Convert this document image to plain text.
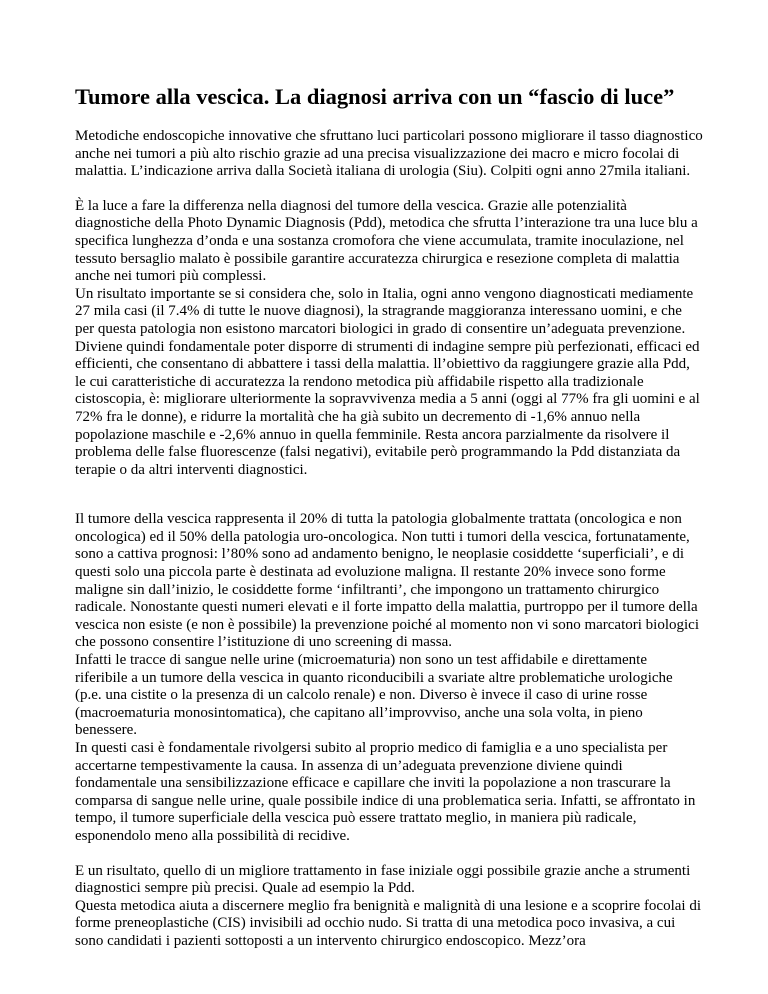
Tumore alla vescica. La diagnosi arriva con un “fascio di luce”

Metodiche endoscopiche innovative che sfruttano luci particolari possono migliorare il tasso diagnostico anche nei tumori a più alto rischio grazie ad una precisa visualizzazione dei macro e micro focolai di malattia. L’indicazione arriva dalla Società italiana di urologia (Siu). Colpiti ogni anno 27mila italiani.

È la luce a fare la differenza nella diagnosi del tumore della vescica. Grazie alle potenzialità diagnostiche della Photo Dynamic Diagnosis (Pdd), metodica che sfrutta l’interazione tra una luce blu a specifica lunghezza d’onda e una sostanza cromofora che viene accumulata, tramite inoculazione, nel tessuto bersaglio malato è possibile garantire accuratezza chirurgica e resezione completa di malattia anche nei tumori più complessi.

Un risultato importante se si considera che, solo in Italia, ogni anno vengono diagnosticati mediamente 27 mila casi (il 7.4% di tutte le nuove diagnosi), la stragrande maggioranza interessano uomini, e che per questa patologia non esistono marcatori biologici in grado di consentire un’adeguata prevenzione. Diviene quindi fondamentale poter disporre di strumenti di indagine sempre più perfezionati, efficaci ed efficienti, che consentano di abbattere i tassi della malattia. ll’obiettivo da raggiungere grazie alla Pdd, le cui caratteristiche di accuratezza la rendono metodica più affidabile rispetto alla tradizionale cistoscopia, è: migliorare ulteriormente la sopravvivenza media a 5 anni (oggi al 77% fra gli uomini e al 72% fra le donne), e ridurre la mortalità che ha già subito un decremento di -1,6% annuo nella popolazione maschile e -2,6% annuo in quella femminile. Resta ancora parzialmente da risolvere il problema delle false fluorescenze (falsi negativi), evitabile però programmando la Pdd distanziata da terapie o da altri interventi diagnostici.

Il tumore della vescica rappresenta il 20% di tutta la patologia globalmente trattata (oncologica e non oncologica) ed il 50% della patologia uro-oncologica. Non tutti i tumori della vescica, fortunatamente, sono a cattiva prognosi: l’80% sono ad andamento benigno, le neoplasie cosiddette ‘superficiali’, e di questi solo una piccola parte è destinata ad evoluzione maligna. Il restante 20% invece sono forme maligne sin dall’inizio, le cosiddette forme ‘infiltranti’, che impongono un trattamento chirurgico radicale. Nonostante questi numeri elevati e il forte impatto della malattia, purtroppo per il tumore della vescica non esiste (e non è possibile) la prevenzione poiché al momento non vi sono marcatori biologici che possono consentire l’istituzione di uno screening di massa.

Infatti le tracce di sangue nelle urine (microematuria) non sono un test affidabile e direttamente riferibile a un tumore della vescica in quanto riconducibili a svariate altre problematiche urologiche (p.e. una cistite o la presenza di un calcolo renale) e non. Diverso è invece il caso di urine rosse (macroematuria monosintomatica), che capitano all’improvviso, anche una sola volta, in pieno benessere.

In questi casi è fondamentale rivolgersi subito al proprio medico di famiglia e a uno specialista per accertarne tempestivamente la causa. In assenza di un’adeguata prevenzione diviene quindi fondamentale una sensibilizzazione efficace e capillare che inviti la popolazione a non trascurare la comparsa di sangue nelle urine, quale possibile indice di una problematica seria. Infatti, se affrontato in tempo, il tumore superficiale della vescica può essere trattato meglio, in maniera più radicale, esponendolo meno alla possibilità di recidive.

E un risultato, quello di un migliore trattamento in fase iniziale oggi possibile grazie anche a strumenti diagnostici sempre più precisi. Quale ad esempio la Pdd.

Questa metodica aiuta a discernere meglio fra benignità e malignità di una lesione e a scoprire focolai di forme preneoplastiche (CIS) invisibili ad occhio nudo. Si tratta di una metodica poco invasiva, a cui sono candidati i pazienti sottoposti a un intervento chirurgico endoscopico. Mezz’ora
